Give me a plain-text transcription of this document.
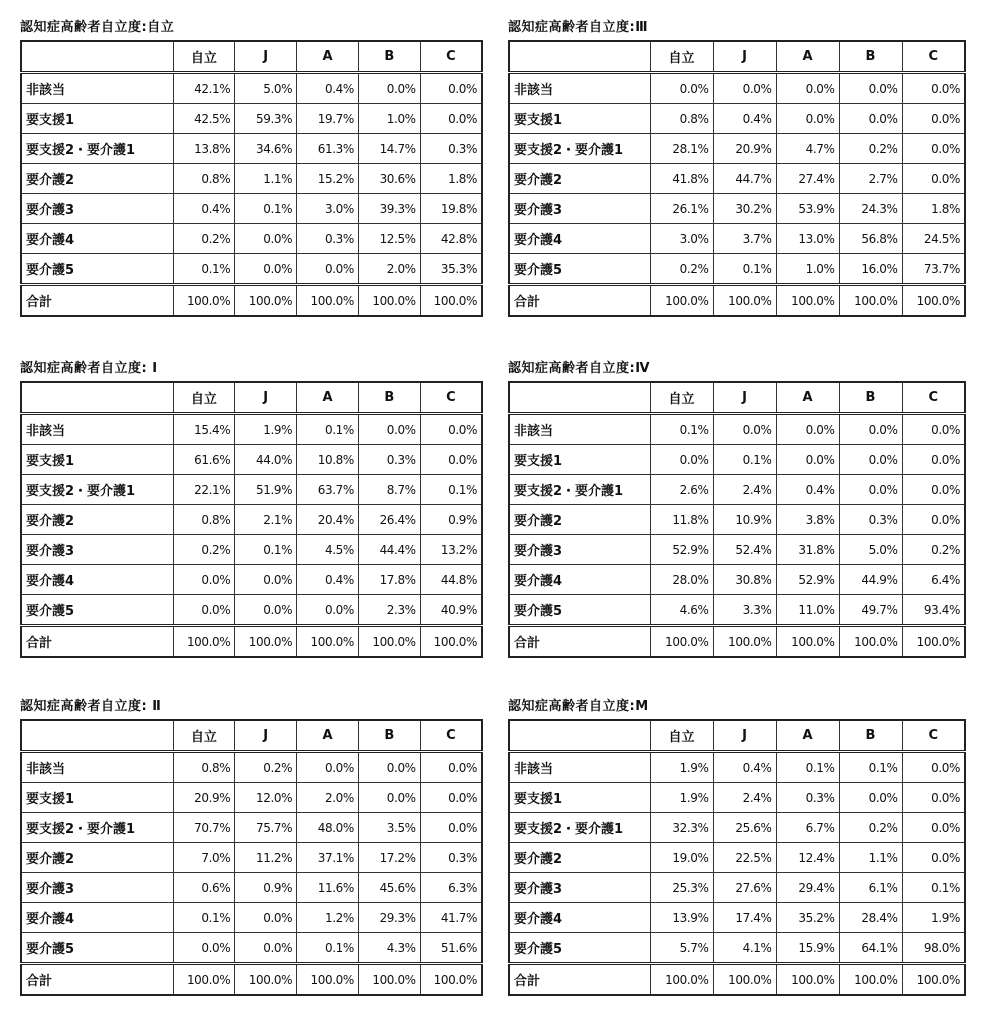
認知症高齢者自立度:自立
	自立	J	A	B	C
非該当	42.1%	5.0%	0.4%	0.0%	0.0%
要支援1	42.5%	59.3%	19.7%	1.0%	0.0%
要支援2・要介護1	13.8%	34.6%	61.3%	14.7%	0.3%
要介護2	0.8%	1.1%	15.2%	30.6%	1.8%
要介護3	0.4%	0.1%	3.0%	39.3%	19.8%
要介護4	0.2%	0.0%	0.3%	12.5%	42.8%
要介護5	0.1%	0.0%	0.0%	2.0%	35.3%
合計	100.0%	100.0%	100.0%	100.0%	100.0%
認知症高齢者自立度:Ⅲ
	自立	J	A	B	C
非該当	0.0%	0.0%	0.0%	0.0%	0.0%
要支援1	0.8%	0.4%	0.0%	0.0%	0.0%
要支援2・要介護1	28.1%	20.9%	4.7%	0.2%	0.0%
要介護2	41.8%	44.7%	27.4%	2.7%	0.0%
要介護3	26.1%	30.2%	53.9%	24.3%	1.8%
要介護4	3.0%	3.7%	13.0%	56.8%	24.5%
要介護5	0.2%	0.1%	1.0%	16.0%	73.7%
合計	100.0%	100.0%	100.0%	100.0%	100.0%
認知症高齢者自立度: Ⅰ
	自立	J	A	B	C
非該当	15.4%	1.9%	0.1%	0.0%	0.0%
要支援1	61.6%	44.0%	10.8%	0.3%	0.0%
要支援2・要介護1	22.1%	51.9%	63.7%	8.7%	0.1%
要介護2	0.8%	2.1%	20.4%	26.4%	0.9%
要介護3	0.2%	0.1%	4.5%	44.4%	13.2%
要介護4	0.0%	0.0%	0.4%	17.8%	44.8%
要介護5	0.0%	0.0%	0.0%	2.3%	40.9%
合計	100.0%	100.0%	100.0%	100.0%	100.0%
認知症高齢者自立度:Ⅳ
	自立	J	A	B	C
非該当	0.1%	0.0%	0.0%	0.0%	0.0%
要支援1	0.0%	0.1%	0.0%	0.0%	0.0%
要支援2・要介護1	2.6%	2.4%	0.4%	0.0%	0.0%
要介護2	11.8%	10.9%	3.8%	0.3%	0.0%
要介護3	52.9%	52.4%	31.8%	5.0%	0.2%
要介護4	28.0%	30.8%	52.9%	44.9%	6.4%
要介護5	4.6%	3.3%	11.0%	49.7%	93.4%
合計	100.0%	100.0%	100.0%	100.0%	100.0%
認知症高齢者自立度: Ⅱ
	自立	J	A	B	C
非該当	0.8%	0.2%	0.0%	0.0%	0.0%
要支援1	20.9%	12.0%	2.0%	0.0%	0.0%
要支援2・要介護1	70.7%	75.7%	48.0%	3.5%	0.0%
要介護2	7.0%	11.2%	37.1%	17.2%	0.3%
要介護3	0.6%	0.9%	11.6%	45.6%	6.3%
要介護4	0.1%	0.0%	1.2%	29.3%	41.7%
要介護5	0.0%	0.0%	0.1%	4.3%	51.6%
合計	100.0%	100.0%	100.0%	100.0%	100.0%
認知症高齢者自立度:M
	自立	J	A	B	C
非該当	1.9%	0.4%	0.1%	0.1%	0.0%
要支援1	1.9%	2.4%	0.3%	0.0%	0.0%
要支援2・要介護1	32.3%	25.6%	6.7%	0.2%	0.0%
要介護2	19.0%	22.5%	12.4%	1.1%	0.0%
要介護3	25.3%	27.6%	29.4%	6.1%	0.1%
要介護4	13.9%	17.4%	35.2%	28.4%	1.9%
要介護5	5.7%	4.1%	15.9%	64.1%	98.0%
合計	100.0%	100.0%	100.0%	100.0%	100.0%
